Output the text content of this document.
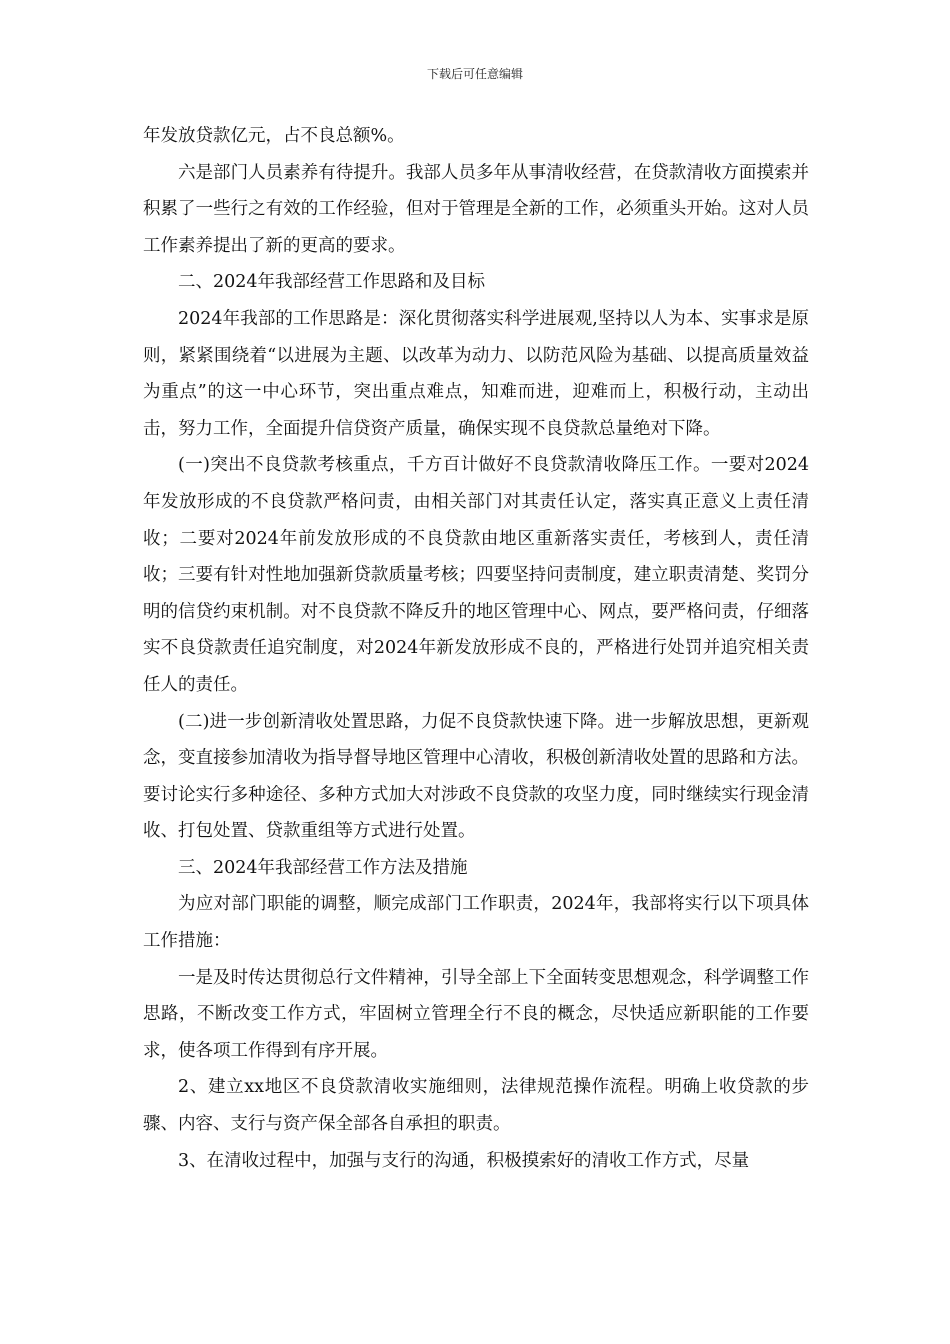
下载后可任意编辑

年发放贷款亿元，占不良总额%。

六是部门人员素养有待提升。我部人员多年从事清收经营，在贷款清收方面摸索并积累了一些行之有效的工作经验，但对于管理是全新的工作，必须重头开始。这对人员工作素养提出了新的更高的要求。

二、2024年我部经营工作思路和及目标

2024年我部的工作思路是：深化贯彻落实科学进展观,坚持以人为本、实事求是原则，紧紧围绕着“以进展为主题、以改革为动力、以防范风险为基础、以提高质量效益为重点”的这一中心环节，突出重点难点，知难而进，迎难而上，积极行动，主动出击，努力工作，全面提升信贷资产质量，确保实现不良贷款总量绝对下降。

(一)突出不良贷款考核重点，千方百计做好不良贷款清收降压工作。一要对2024年发放形成的不良贷款严格问责，由相关部门对其责任认定，落实真正意义上责任清收；二要对2024年前发放形成的不良贷款由地区重新落实责任，考核到人，责任清收；三要有针对性地加强新贷款质量考核；四要坚持问责制度，建立职责清楚、奖罚分明的信贷约束机制。对不良贷款不降反升的地区管理中心、网点，要严格问责，仔细落实不良贷款责任追究制度，对2024年新发放形成不良的，严格进行处罚并追究相关责任人的责任。

(二)进一步创新清收处置思路，力促不良贷款快速下降。进一步解放思想，更新观念，变直接参加清收为指导督导地区管理中心清收，积极创新清收处置的思路和方法。要讨论实行多种途径、多种方式加大对涉政不良贷款的攻坚力度，同时继续实行现金清收、打包处置、贷款重组等方式进行处置。

三、2024年我部经营工作方法及措施

为应对部门职能的调整，顺完成部门工作职责，2024年，我部将实行以下项具体工作措施：

一是及时传达贯彻总行文件精神，引导全部上下全面转变思想观念，科学调整工作思路，不断改变工作方式，牢固树立管理全行不良的概念，尽快适应新职能的工作要求，使各项工作得到有序开展。

2、建立xx地区不良贷款清收实施细则，法律规范操作流程。明确上收贷款的步骤、内容、支行与资产保全部各自承担的职责。

3、在清收过程中，加强与支行的沟通，积极摸索好的清收工作方式，尽量
